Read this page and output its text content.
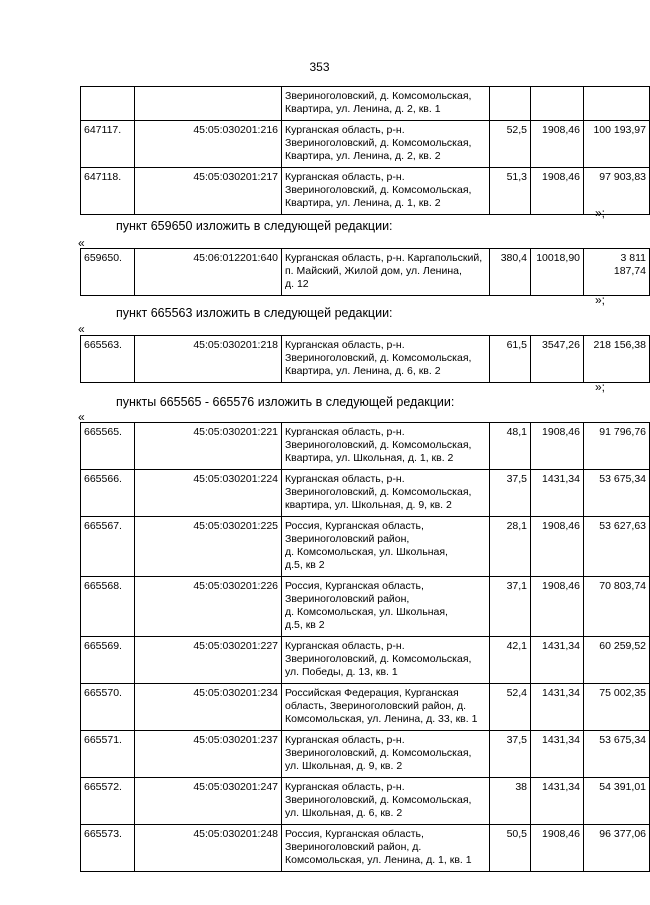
353

		Звериноголовский, д. Комсомольская,
Квартира, ул. Ленина, д. 2, кв. 1			

647117.	45:05:030201:216	Курганская область, р-н.
Звериноголовский, д. Комсомольская,
Квартира, ул. Ленина, д. 2, кв. 2	52,5	1908,46	100 193,97
647118.	45:05:030201:217	Курганская область, р-н.
Звериноголовский, д. Комсомольская,
Квартира, ул. Ленина, д. 1, кв. 2	51,3	1908,46	97 903,83
»;
пункт 659650 изложить в следующей редакции:
«
659650.	45:06:012201:640	Курганская область, р-н. Каргапольский,
п. Майский, Жилой дом, ул. Ленина,
д. 12
	380,4	10018,90	3 811 187,74
»;
пункт 665563 изложить в следующей редакции:
«
665563.	45:05:030201:218	Курганская область, р-н.
Звериноголовский, д. Комсомольская,
Квартира, ул. Ленина, д. 6, кв. 2
	61,5	3547,26	218 156,38
»;
пункты 665565 - 665576 изложить в следующей редакции:
«
665565.	45:05:030201:221	Курганская область, р-н.
Звериноголовский, д. Комсомольская,
Квартира, ул. Школьная, д. 1, кв. 2	48,1	1908,46	91 796,76
665566.	45:05:030201:224	Курганская область, р-н.
Звериноголовский, д. Комсомольская,
квартира, ул. Школьная, д. 9, кв. 2	37,5	1431,34	53 675,34
665567.	45:05:030201:225	Россия, Курганская область,
Звериноголовский район,
д. Комсомольская, ул. Школьная,
д.5, кв 2	28,1	1908,46	53 627,63
665568.	45:05:030201:226	Россия, Курганская область,
Звериноголовский район,
д. Комсомольская, ул. Школьная,
д.5, кв 2	37,1	1908,46	70 803,74
665569.	45:05:030201:227	Курганская область, р-н.
Звериноголовский, д. Комсомольская,
ул. Победы, д. 13, кв. 1	42,1	1431,34	60 259,52
665570.	45:05:030201:234	Российская Федерация, Курганская
область, Звериноголовский район, д.
Комсомольская, ул. Ленина, д. 33, кв. 1	52,4	1431,34	75 002,35
665571.	45:05:030201:237	Курганская область, р-н.
Звериноголовский, д. Комсомольская,
ул. Школьная, д. 9, кв. 2	37,5	1431,34	53 675,34
665572.	45:05:030201:247	Курганская область, р-н.
Звериноголовский, д. Комсомольская,
ул. Школьная, д. 6, кв. 2	38	1431,34	54 391,01
665573.	45:05:030201:248	Россия, Курганская область,
Звериноголовский район, д.
Комсомольская, ул. Ленина, д. 1, кв. 1	50,5	1908,46	96 377,06
